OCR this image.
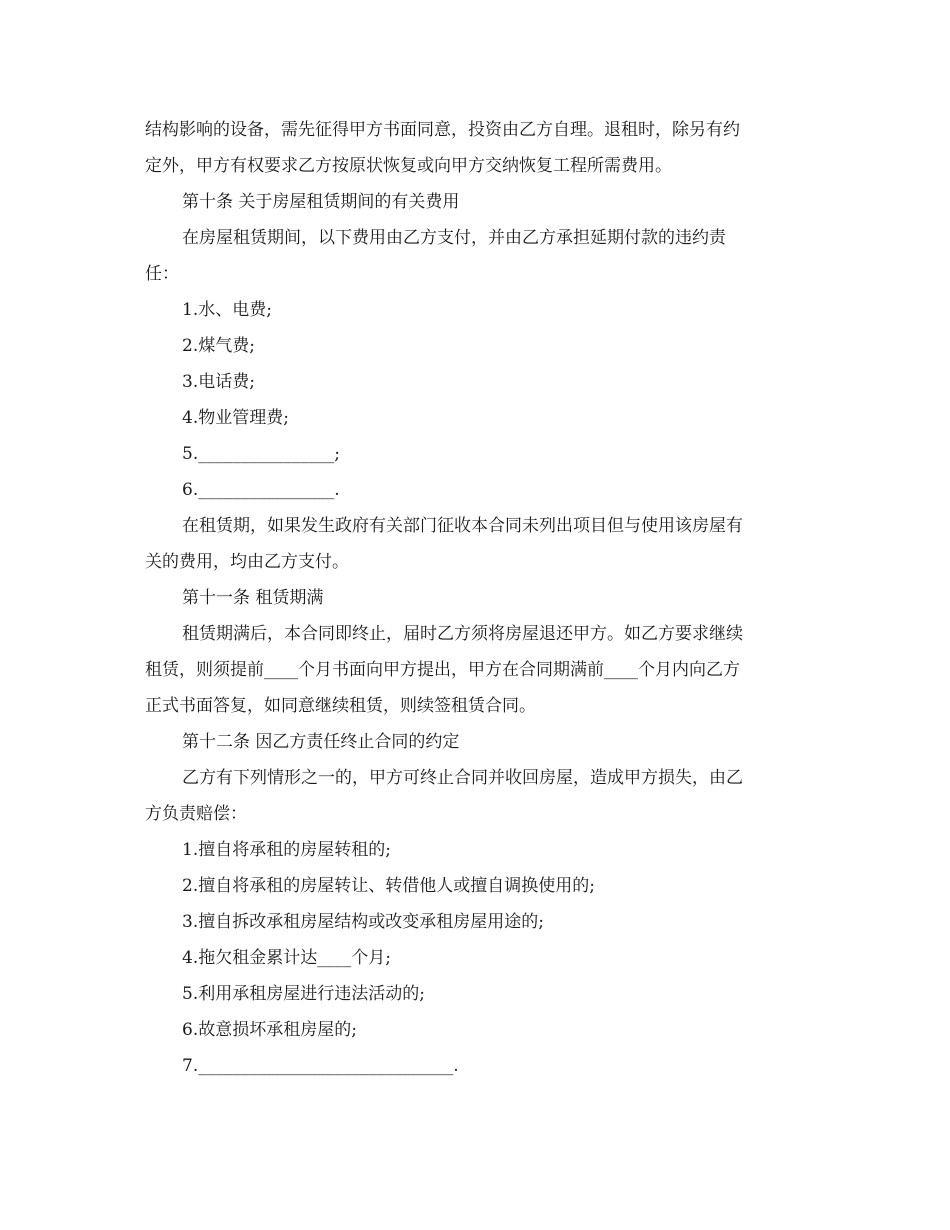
结构影响的设备，需先征得甲方书面同意，投资由乙方自理。退租时，除另有约
定外，甲方有权要求乙方按原状恢复或向甲方交纳恢复工程所需费用。
第十条 关于房屋租赁期间的有关费用
在房屋租赁期间，以下费用由乙方支付，并由乙方承担延期付款的违约责
任：
1.水、电费;
2.煤气费;
3.电话费;
4.物业管理费;
5.________________;
6.________________.
在租赁期，如果发生政府有关部门征收本合同未列出项目但与使用该房屋有
关的费用，均由乙方支付。
第十一条 租赁期满
租赁期满后，本合同即终止，届时乙方须将房屋退还甲方。如乙方要求继续
租赁，则须提前____个月书面向甲方提出，甲方在合同期满前____个月内向乙方
正式书面答复，如同意继续租赁，则续签租赁合同。
第十二条 因乙方责任终止合同的约定
乙方有下列情形之一的，甲方可终止合同并收回房屋，造成甲方损失，由乙
方负责赔偿：
1.擅自将承租的房屋转租的;
2.擅自将承租的房屋转让、转借他人或擅自调换使用的;
3.擅自拆改承租房屋结构或改变承租房屋用途的;
4.拖欠租金累计达____个月;
5.利用承租房屋进行违法活动的;
6.故意损坏承租房屋的;
7.______________________________.
